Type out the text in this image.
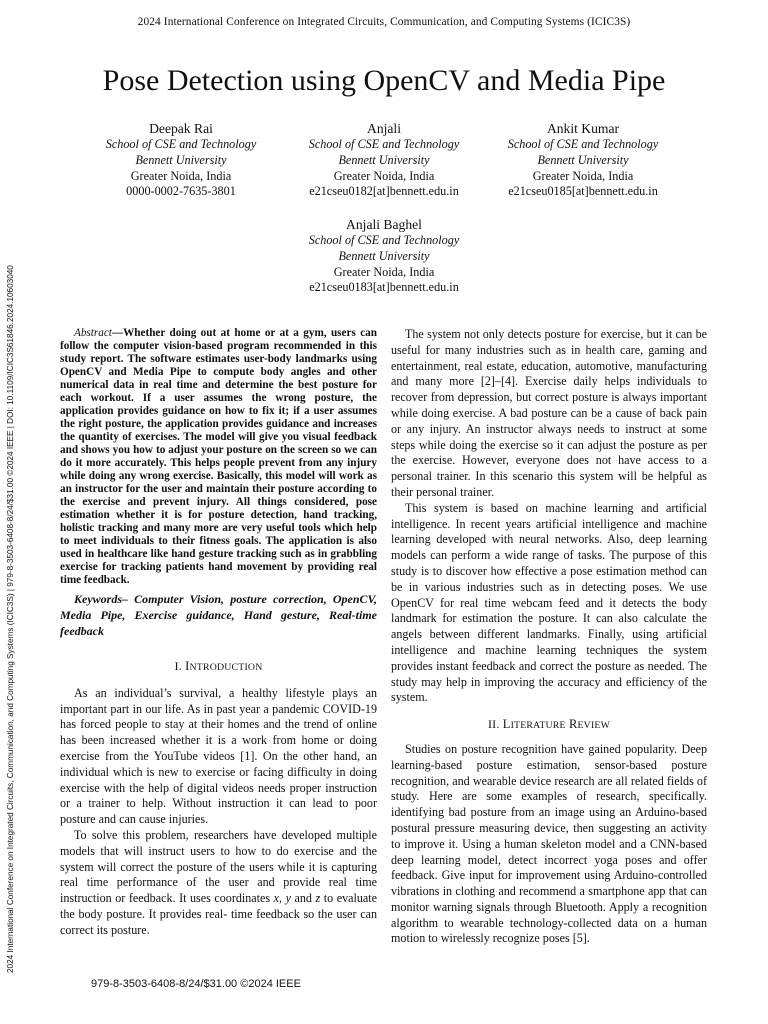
2024 International Conference on Integrated Circuits, Communication, and Computing Systems (ICIC3S)
2024 International Conference on Integrated Circuits, Communication, and Computing Systems (ICIC3S) | 979-8-3503-6408-8/24/$31.00 ©2024 IEEE | DOI: 10.1109/ICIC3S61846.2024.10603040
Pose Detection using OpenCV and Media Pipe
Deepak Rai
School of CSE and Technology
Bennett University
Greater Noida, India
0000-0002-7635-3801
Anjali
School of CSE and Technology
Bennett University
Greater Noida, India
e21cseu0182[at]bennett.edu.in
Ankit Kumar
School of CSE and Technology
Bennett University
Greater Noida, India
e21cseu0185[at]bennett.edu.in
Anjali Baghel
School of CSE and Technology
Bennett University
Greater Noida, India
e21cseu0183[at]bennett.edu.in

Abstract—Whether doing out at home or at a gym, users can follow the computer vision-based program recommended in this study report. The software estimates user-body landmarks using OpenCV and Media Pipe to compute body angles and other numerical data in real time and determine the best posture for each workout. If a user assumes the wrong posture, the application provides guidance on how to fix it; if a user assumes the right posture, the application provides guidance and increases the quantity of exercises. The model will give you visual feedback and shows you how to adjust your posture on the screen so we can do it more accurately. This helps people prevent from any injury while doing any wrong exercise. Basically, this model will work as an instructor for the user and maintain their posture according to the exercise and prevent injury. All things considered, pose estimation whether it is for posture detection, hand tracking, holistic tracking and many more are very useful tools which help to meet individuals to their fitness goals. The application is also used in healthcare like hand gesture tracking such as in grabbling exercise for tracking patients hand movement by providing real time feedback.

Keywords– Computer Vision, posture correction, OpenCV, Media Pipe, Exercise guidance, Hand gesture, Real-time feedback

I. INTRODUCTION

As an individual’s survival, a healthy lifestyle plays an important part in our life. As in past year a pandemic COVID-19 has forced people to stay at their homes and the trend of online has been increased whether it is a work from home or doing exercise from the YouTube videos [1]. On the other hand, an individual which is new to exercise or facing difficulty in doing exercise with the help of digital videos needs proper instruction or a trainer to help. Without instruction it can lead to poor posture and can cause injuries.

To solve this problem, researchers have developed multiple models that will instruct users to how to do exercise and the system will correct the posture of the users while it is capturing real time performance of the user and provide real time instruction or feedback. It uses coordinates x, y and z to evaluate the body posture. It provides real- time feedback so the user can correct its posture.

The system not only detects posture for exercise, but it can be useful for many industries such as in health care, gaming and entertainment, real estate, education, automotive, manufacturing and many more [2]–[4]. Exercise daily helps individuals to recover from depression, but correct posture is always important while doing exercise. A bad posture can be a cause of back pain or any injury. An instructor always needs to instruct at some steps while doing the exercise so it can adjust the posture as per the exercise. However, everyone does not have access to a personal trainer. In this scenario this system will be helpful as their personal trainer.

This system is based on machine learning and artificial intelligence. In recent years artificial intelligence and machine learning developed with neural networks. Also, deep learning models can perform a wide range of tasks. The purpose of this study is to discover how effective a pose estimation method can be in various industries such as in detecting poses. We use OpenCV for real time webcam feed and it detects the body landmark for estimation the posture. It can also calculate the angels between different landmarks. Finally, using artificial intelligence and machine learning techniques the system provides instant feedback and correct the posture as needed. The study may help in improving the accuracy and efficiency of the system.

II. LITERATURE REVIEW

Studies on posture recognition have gained popularity. Deep learning-based posture estimation, sensor-based posture recognition, and wearable device research are all related fields of study. Here are some examples of research, specifically. identifying bad posture from an image using an Arduino-based postural pressure measuring device, then suggesting an activity to improve it. Using a human skeleton model and a CNN-based deep learning model, detect incorrect yoga poses and offer feedback. Give input for improvement using Arduino-controlled vibrations in clothing and recommend a smartphone app that can monitor warning signals through Bluetooth. Apply a recognition algorithm to wearable technology-collected data on a human motion to wirelessly recognize poses [5].

979-8-3503-6408-8/24/$31.00 ©2024 IEEE
